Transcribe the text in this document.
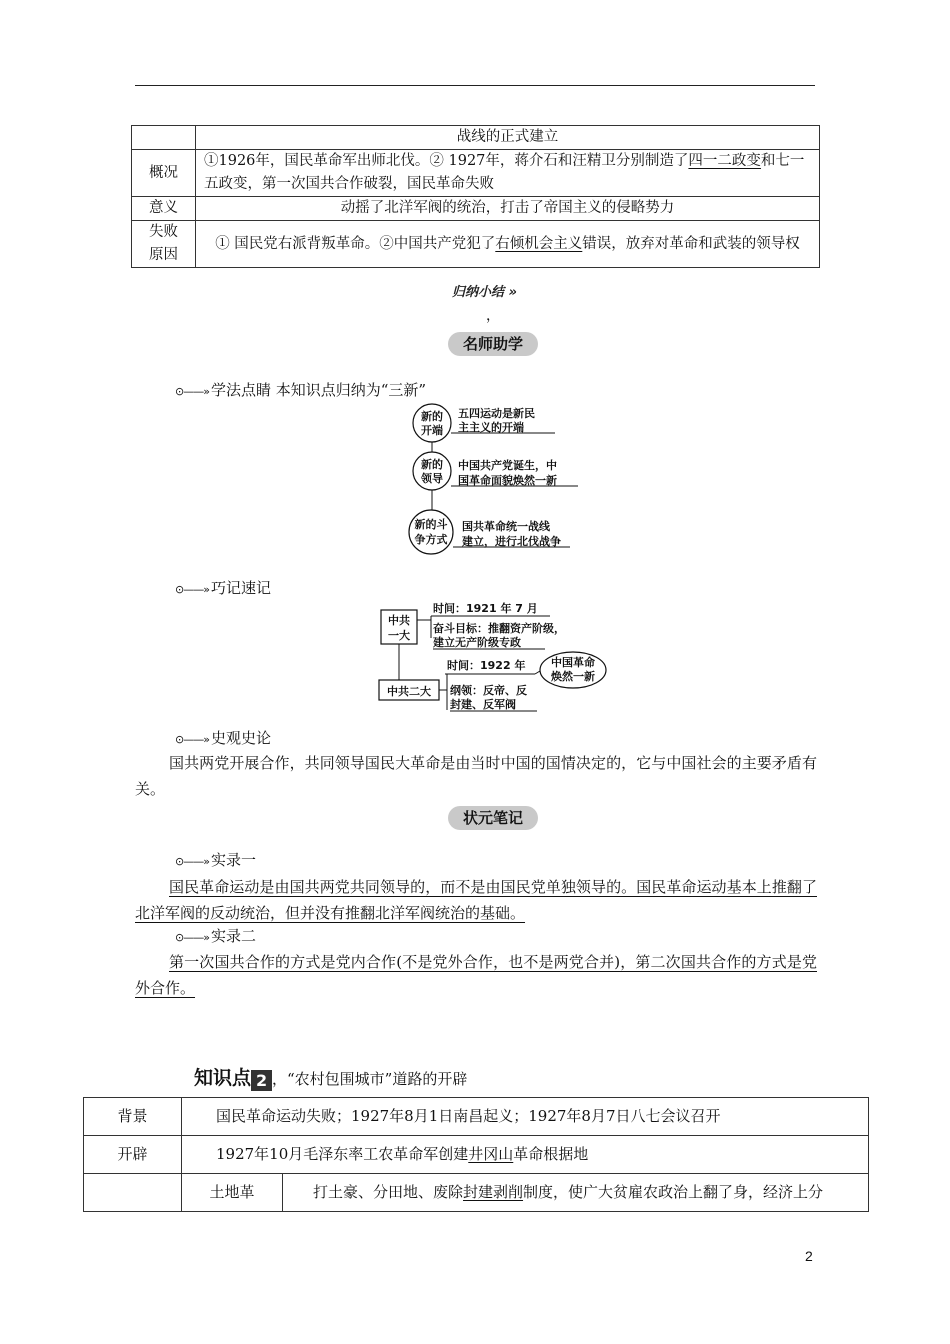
	战线的正式建立
概况	①1926年，国民革命军出师北伐。② 1927年，蒋介石和汪精卫分别制造了四一二政变和七一五政变，第一次国共合作破裂，国民革命失败
意义	动摇了北洋军阀的统治，打击了帝国主义的侵略势力
失败
原因	① 国民党右派背叛革命。②中国共产党犯了右倾机会主义错误，放弃对革命和武装的领导权
归纳小结 »
，
名师助学
⊙——» 学法点睛 本知识点归纳为“三新”
新的
开端
五四运动是新民
主主义的开端
新的
领导
中国共产党诞生，中
国革命面貌焕然一新
新的斗
争方式
国共革命统一战线
建立，进行北伐战争
⊙——» 巧记速记
中共
一大
时间：1921 年 7 月
奋斗目标：推翻资产阶级，
建立无产阶级专政
时间：1922 年 中国革命
焕然一新
中共二大 纲领：反帝、反
封建、反军阀
⊙——» 史观史论
国共两党开展合作，共同领导国民大革命是由当时中国的国情决定的，它与中国社会的主要矛盾有关。
状元笔记
⊙——» 实录一
国民革命运动是由国共两党共同领导的，而不是由国民党单独领导的。国民革命运动基本上推翻了北洋军阀的反动统治，但并没有推翻北洋军阀统治的基础。
⊙——» 实录二
第一次国共合作的方式是党内合作(不是党外合作，也不是两党合并)，第二次国共合作的方式是党外合作。
知识点 2 ，“农村包围城市”道路的开辟
背景	国民革命运动失败；1927年8月1日南昌起义；1927年8月7日八七会议召开	
开辟	1927年10月毛泽东率工农革命军创建井冈山革命根据地	
	土地革	打土豪、分田地、废除封建剥削制度，使广大贫雇农政治上翻了身，经济上分
2
